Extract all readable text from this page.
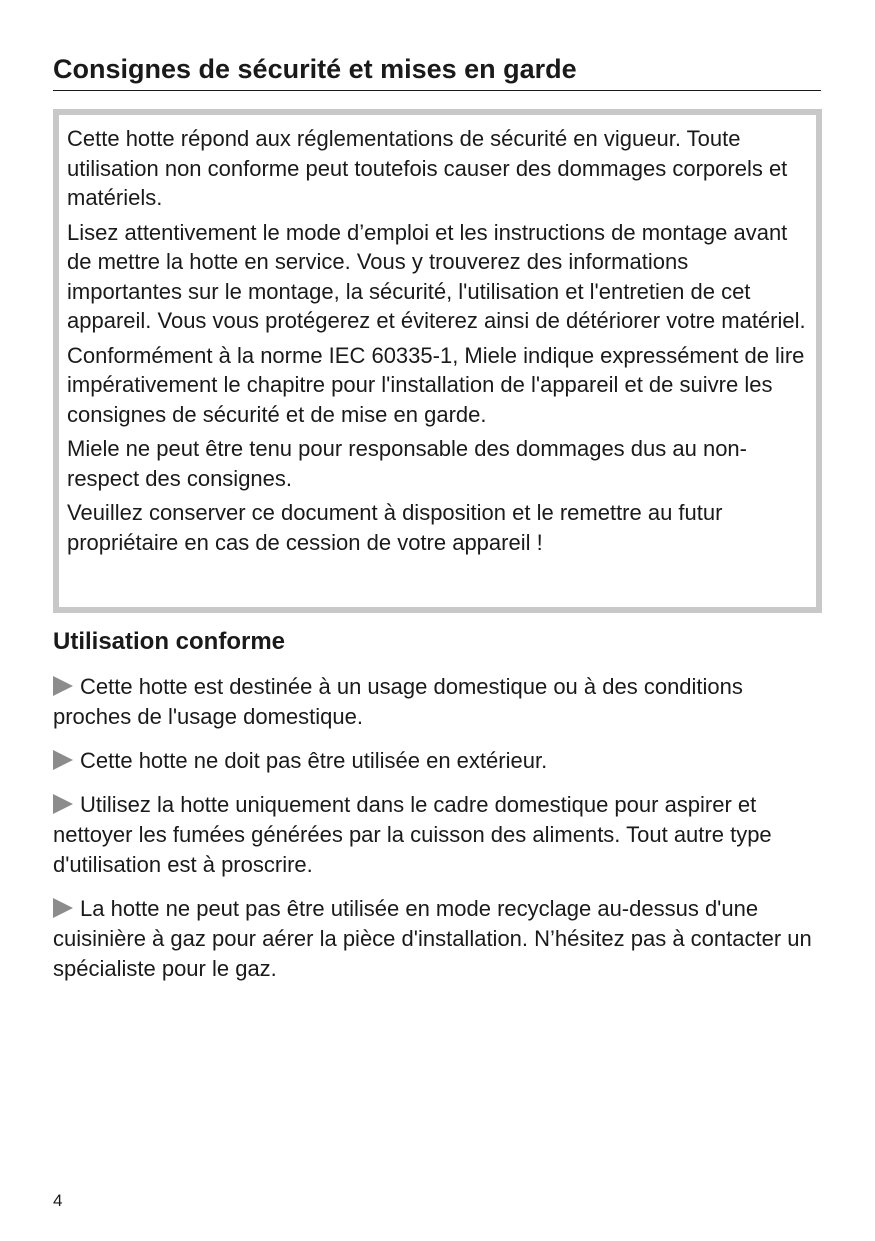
Consignes de sécurité et mises en garde

Cette hotte répond aux réglementations de sécurité en vigueur. Toute utilisation non conforme peut toutefois causer des dommages corporels et matériels.

Lisez attentivement le mode d’emploi et les instructions de montage avant de mettre la hotte en service. Vous y trouverez des informations importantes sur le montage, la sécurité, l'utilisation et l'entretien de cet appareil. Vous vous protégerez et éviterez ainsi de détériorer votre matériel.

Conformément à la norme IEC 60335-1, Miele indique expressément de lire impérativement le chapitre pour l'installation de l'appareil et de suivre les consignes de sécurité et de mise en garde.

Miele ne peut être tenu pour responsable des dommages dus au non-respect des consignes.

Veuillez conserver ce document à disposition et le remettre au futur propriétaire en cas de cession de votre appareil !

Utilisation conforme
Cette hotte est destinée à un usage domestique ou à des conditions proches de l'usage domestique.
Cette hotte ne doit pas être utilisée en extérieur.
Utilisez la hotte uniquement dans le cadre domestique pour aspirer et nettoyer les fumées générées par la cuisson des aliments. Tout autre type d'utilisation est à proscrire.
La hotte ne peut pas être utilisée en mode recyclage au-dessus d'une cuisinière à gaz pour aérer la pièce d'installation. N’hésitez pas à contacter un spécialiste pour le gaz.
4
